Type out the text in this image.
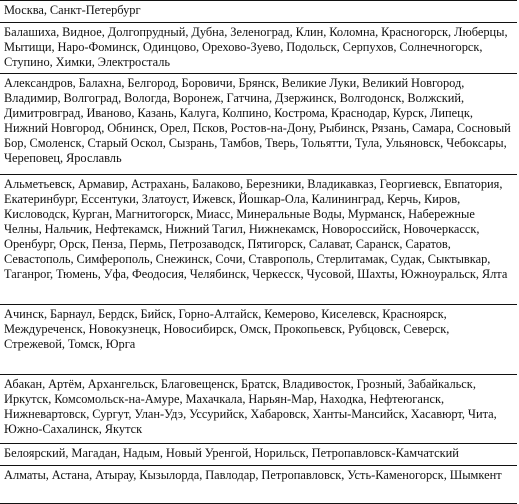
Москва, Санкт-Петербург
Балашиха, Видное, Долгопрудный, Дубна, Зеленоград, Клин, Коломна, Красногорск, Люберцы, Мытищи, Наро-Фоминск, Одинцово, Орехово-Зуево, Подольск, Серпухов, Солнечногорск, Ступино, Химки, Электросталь
Александров, Балахна, Белгород, Боровичи, Брянск, Великие Луки, Великий Новгород, Владимир, Волгоград, Вологда, Воронеж, Гатчина, Дзержинск, Волгодонск, Волжский, Димитровград, Иваново, Казань, Калуга, Колпино, Кострома, Краснодар, Курск, Липецк, Нижний Новгород, Обнинск, Орел, Псков, Ростов-на-Дону, Рыбинск, Рязань, Самара, Сосновый Бор, Смоленск, Старый Оскол, Сызрань, Тамбов, Тверь, Тольятти, Тула, Ульяновск, Чебоксары, Череповец, Ярославль
Альметьевск, Армавир, Астрахань, Балаково, Березники, Владикавказ, Георгиевск, Евпатория, Екатеринбург, Ессентуки, Златоуст, Ижевск, Йошкар-Ола, Калининград, Керчь, Киров, Кисловодск, Курган, Магнитогорск, Миасс, Минеральные Воды, Мурманск, Набережные Челны, Нальчик, Нефтекамск, Нижний Тагил, Нижнекамск, Новороссийск, Новочеркасск, Оренбург, Орск, Пенза, Пермь, Петрозаводск, Пятигорск, Салават, Саранск, Саратов, Севастополь, Симферополь, Снежинск, Сочи, Ставрополь, Стерлитамак, Судак, Сыктывкар, Таганрог, Тюмень, Уфа, Феодосия, Челябинск, Черкесск, Чусовой, Шахты, Южноуральск, Ялта
Ачинск, Барнаул, Бердск, Бийск, Горно-Алтайск, Кемерово, Киселевск, Красноярск, Междуреченск, Новокузнецк, Новосибирск, Омск, Прокопьевск, Рубцовск, Северск, Стрежевой, Томск, Юрга
Абакан, Артём, Архангельск, Благовещенск, Братск, Владивосток, Грозный, Забайкальск, Иркутск, Комсомольск-на-Амуре, Махачкала, Нарьян-Мар, Находка, Нефтеюганск, Нижневартовск, Сургут, Улан-Удэ, Уссурийск, Хабаровск, Ханты-Мансийск, Хасавюрт, Чита, Южно-Сахалинск, Якутск
Белоярский, Магадан, Надым, Новый Уренгой, Норильск, Петропавловск-Камчатский
Алматы, Астана, Атырау, Кызылорда, Павлодар, Петропавловск, Усть-Каменогорск, Шымкент
